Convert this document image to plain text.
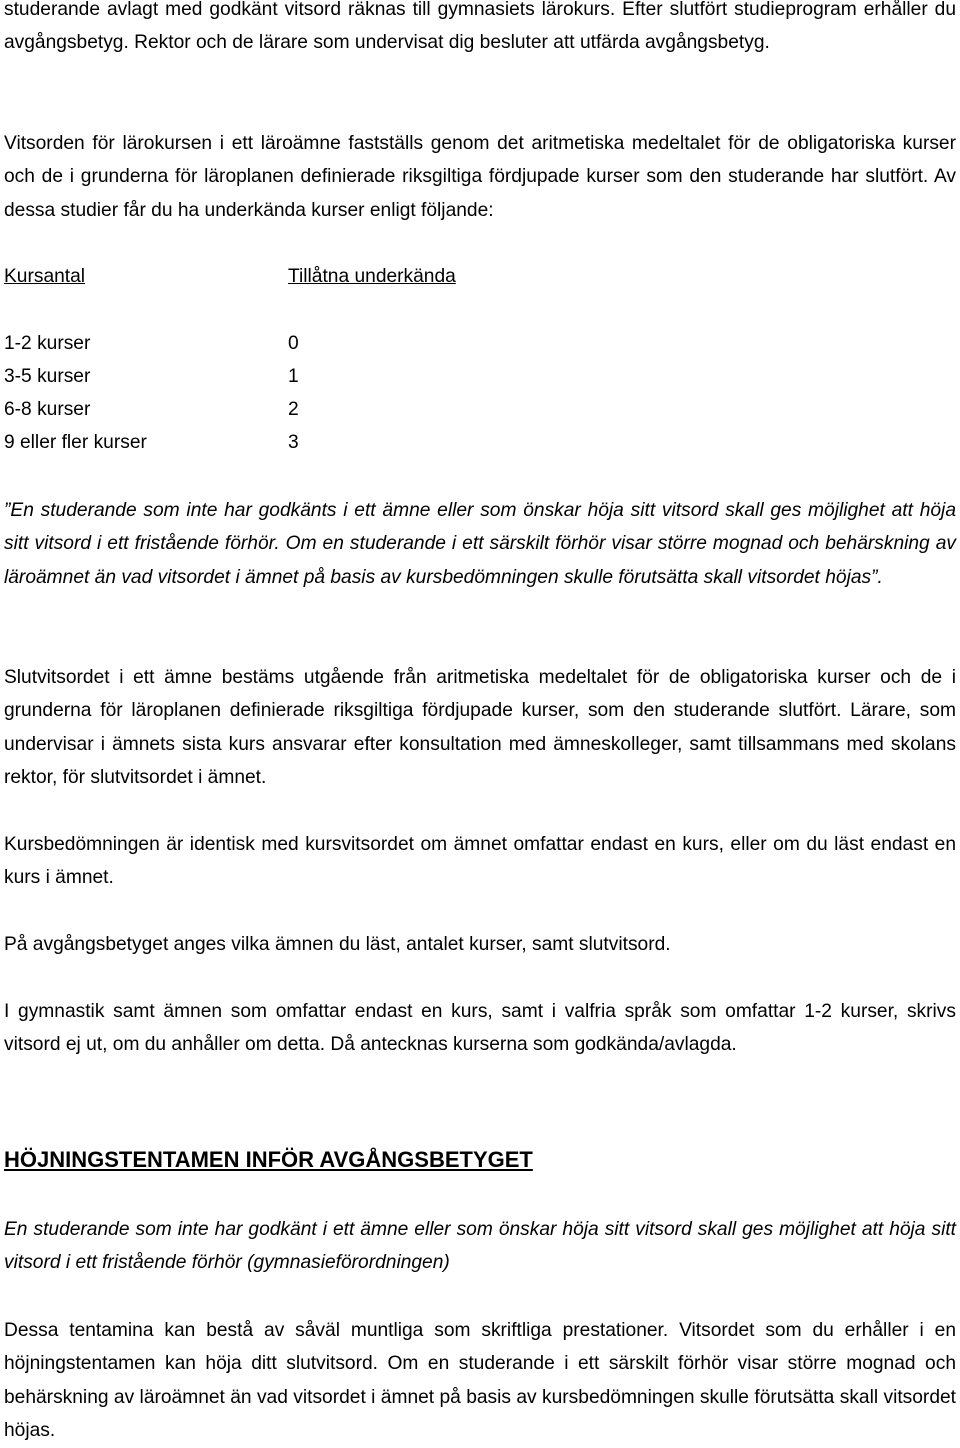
studerande avlagt med godkänt vitsord räknas till gymnasiets lärokurs. Efter slutfört studieprogram erhåller du avgångsbetyg. Rektor och de lärare som undervisat dig besluter att utfärda avgångsbetyg.

Vitsorden för lärokursen i ett läroämne fastställs genom det aritmetiska medeltalet för de obligatoriska kurser och de i grunderna för läroplanen definierade riksgiltiga fördjupade kurser som den studerande har slutfört. Av dessa studier får du ha underkända kurser enligt följande:

Kursantal	Tillåtna underkända
1-2 kurser	0
3-5 kurser	1
6-8 kurser	2
9 eller fler kurser	3

”En studerande som inte har godkänts i ett ämne eller som önskar höja sitt vitsord skall ges möjlighet att höja sitt vitsord i ett fristående förhör. Om en studerande i ett särskilt förhör visar större mognad och behärskning av läroämnet än vad vitsordet i ämnet på basis av kursbedömningen skulle förutsätta skall vitsordet höjas”.

Slutvitsordet i ett ämne bestäms utgående från aritmetiska medeltalet för de obligatoriska kurser och de i grunderna för läroplanen definierade riksgiltiga fördjupade kurser, som den studerande slutfört. Lärare, som undervisar i ämnets sista kurs ansvarar efter konsultation med ämneskolleger, samt tillsammans med skolans rektor, för slutvitsordet i ämnet.

Kursbedömningen är identisk med kursvitsordet om ämnet omfattar endast en kurs, eller om du läst endast en kurs i ämnet.

På avgångsbetyget anges vilka ämnen du läst, antalet kurser, samt slutvitsord.

I gymnastik samt ämnen som omfattar endast en kurs, samt i valfria språk som omfattar 1-2 kurser, skrivs vitsord ej ut, om du anhåller om detta. Då antecknas kurserna som godkända/avlagda.

HÖJNINGSTENTAMEN INFÖR AVGÅNGSBETYGET

En studerande som inte har godkänt i ett ämne eller som önskar höja sitt vitsord skall ges möjlighet att höja sitt vitsord i ett fristående förhör (gymnasieförordningen)

Dessa tentamina kan bestå av såväl muntliga som skriftliga prestationer. Vitsordet som du erhåller i en höjningstentamen kan höja ditt slutvitsord. Om en studerande i ett särskilt förhör visar större mognad och behärskning av läroämnet än vad vitsordet i ämnet på basis av kursbedömningen skulle förutsätta skall vitsordet höjas.
